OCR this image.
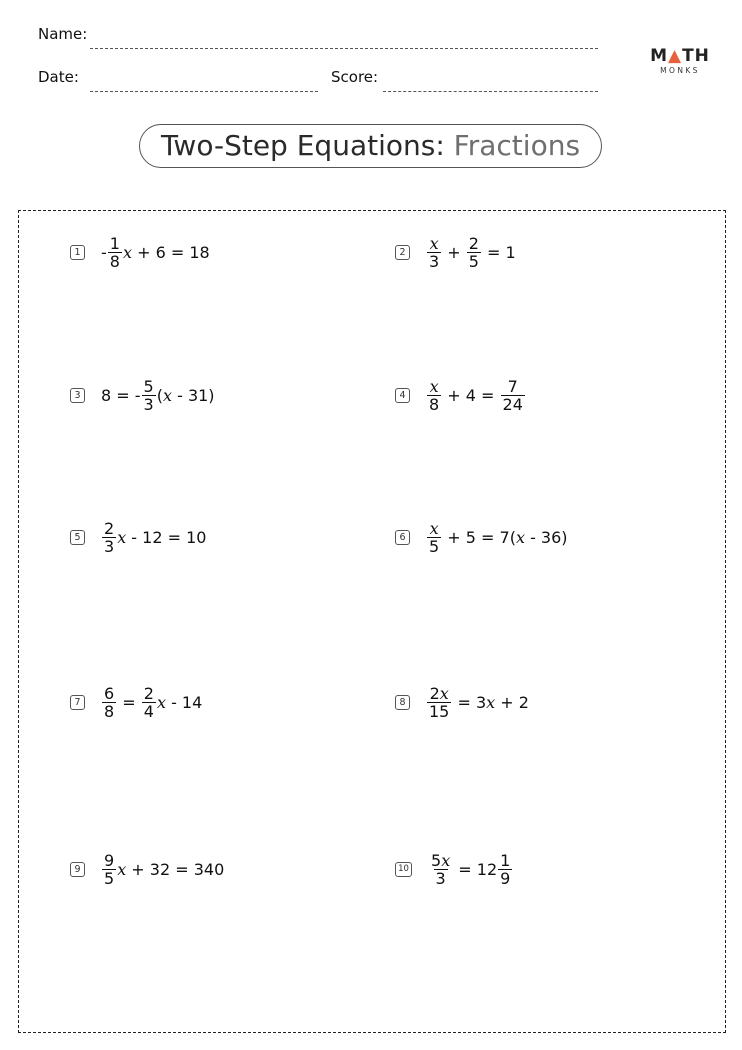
Name:
Date:	Score:
M▲TH
MONKS
Two-Step Equations: Fractions
$1 - \frac{1}{8}$ x + 6 = 18	$2 \frac{x}{3} + \frac{2}{5} = 1$
3 8 = - $\frac{5}{3}$ ( x - 31)	$4 \frac{x}{8} + 4 = \frac{7}{24}$
$5 \frac{2}{3}$ x - 12 = 10	$6 \frac{x}{5} + 5 = 7$( x - 36)
$7 \frac{6}{8} = \frac{2}{4}$ x - 14	$8 \frac{2x}{15} = 3$ x + 2
$9 \frac{9}{5}$ x + 32 = 340	$10 \frac{5x}{3} = 12 \frac{1}{9}$
